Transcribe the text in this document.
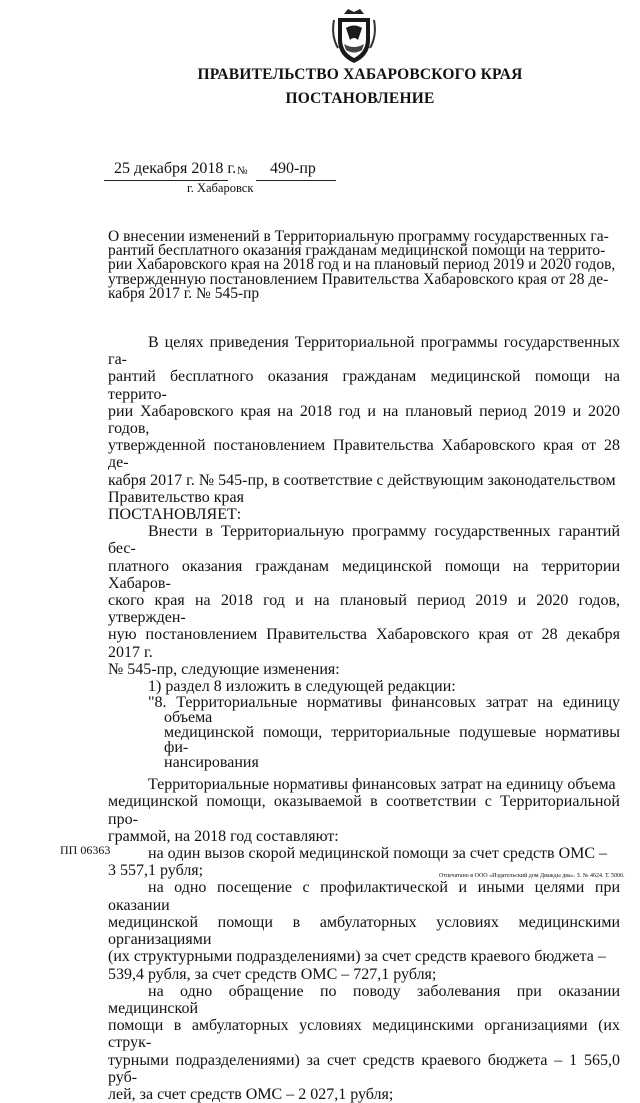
ПРАВИТЕЛЬСТВО ХАБАРОВСКОГО КРАЯ
ПОСТАНОВЛЕНИЕ
25 декабря 2018 г. № 490-пр
г. Хабаровск

О внесении изменений в Территориальную программу государственных га-

рантий бесплатного оказания гражданам медицинской помощи на террито-

рии Хабаровского края на 2018 год и на плановый период 2019 и 2020 годов,

утвержденную постановлением Правительства Хабаровского края от 28 де-

кабря 2017 г. № 545-пр

В целях приведения Территориальной программы государственных га-

рантий бесплатного оказания гражданам медицинской помощи на террито-

рии Хабаровского края на 2018 год и на плановый период 2019 и 2020 годов,

утвержденной постановлением Правительства Хабаровского края от 28 де-

кабря 2017 г. № 545-пр, в соответствие с действующим законодательством

Правительство края

ПОСТАНОВЛЯЕТ:

Внести в Территориальную программу государственных гарантий бес-

платного оказания гражданам медицинской помощи на территории Хабаров-

ского края на 2018 год и на плановый период 2019 и 2020 годов, утвержден-

ную постановлением Правительства Хабаровского края от 28 декабря 2017 г.

№ 545-пр, следующие изменения:

1) раздел 8 изложить в следующей редакции:

"8. Территориальные нормативы финансовых затрат на единицу объема

медицинской помощи, территориальные подушевые нормативы фи-

нансирования

Территориальные нормативы финансовых затрат на единицу объема

медицинской помощи, оказываемой в соответствии с Территориальной про-

граммой, на 2018 год составляют:

на один вызов скорой медицинской помощи за счет средств ОМС –

3 557,1 рубля;

на одно посещение с профилактической и иными целями при оказании

медицинской помощи в амбулаторных условиях медицинскими организациями

(их структурными подразделениями) за счет средств краевого бюджета –

539,4 рубля, за счет средств ОМС – 727,1 рубля;

на одно обращение по поводу заболевания при оказании медицинской

помощи в амбулаторных условиях медицинскими организациями (их струк-

турными подразделениями) за счет средств краевого бюджета – 1 565,0 руб-

лей, за счет средств ОМС – 2 027,1 рубля;

ПП 06363
Отпечатано в ООО «Издательский дом Дважды два». З. № 4624. Т. 5000.
